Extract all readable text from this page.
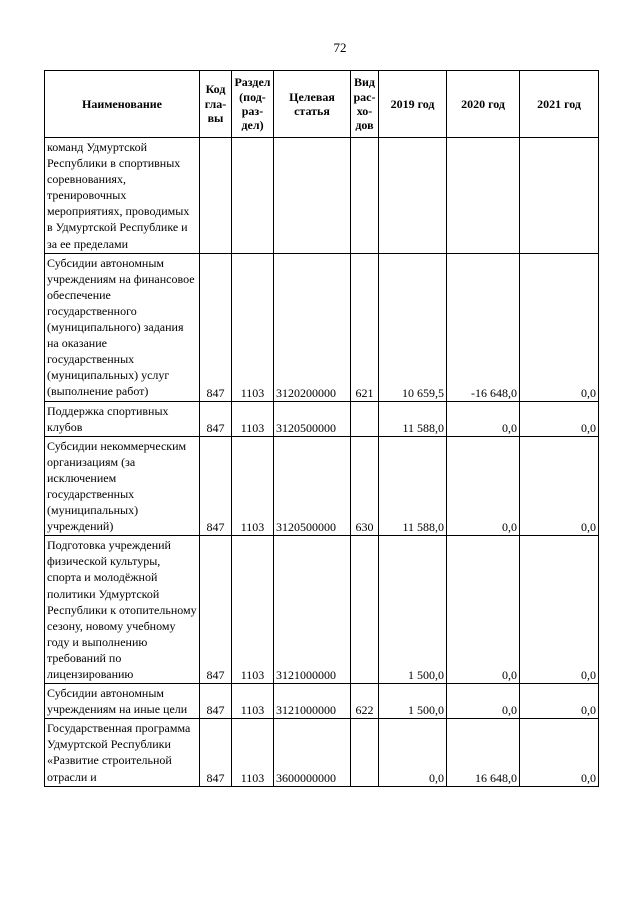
72
Наименование	Код гла- вы	Раздел (под- раз- дел)	Целевая статья	Вид рас- хо- дов	2019 год	2020 год	2021 год
команд Удмуртской Республики в спортивных соревнованиях, тренировочных мероприятиях, проводимых в Удмуртской Республике и за ее пределами							
Субсидии автономным учреждениям на финансовое обеспечение государственного (муниципального) задания на оказание государственных (муниципальных) услуг (выполнение работ)	847	1103	3120200000	621	10 659,5	-16 648,0	0,0
Поддержка спортивных клубов	847	1103	3120500000		11 588,0	0,0	0,0
Субсидии некоммерческим организациям (за исключением государственных (муниципальных) учреждений)	847	1103	3120500000	630	11 588,0	0,0	0,0
Подготовка учреждений физической культуры, спорта и молодёжной политики Удмуртской Республики к отопительному сезону, новому учебному году и выполнению требований по лицензированию	847	1103	3121000000		1 500,0	0,0	0,0
Субсидии автономным учреждениям на иные цели	847	1103	3121000000	622	1 500,0	0,0	0,0
Государственная программа Удмуртской Республики «Развитие строительной отрасли и	847	1103	3600000000		0,0	16 648,0	0,0
